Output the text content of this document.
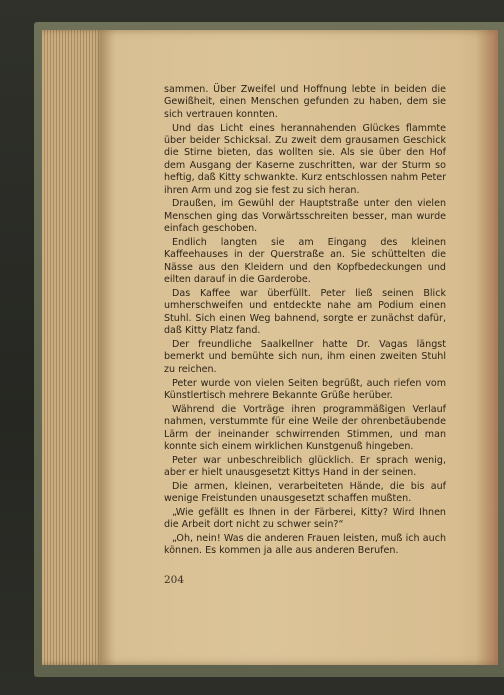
sammen. Über Zweifel und Hoffnung lebte in beiden die Gewißheit, einen Menschen gefunden zu haben, dem sie sich vertrauen konnten.

Und das Licht eines herannahenden Glückes flammte über beider Schicksal. Zu zweit dem grausamen Geschick die Stirne bieten, das wollten sie. Als sie über den Hof dem Ausgang der Kaserne zuschritten, war der Sturm so heftig, daß Kitty schwankte. Kurz entschlossen nahm Peter ihren Arm und zog sie fest zu sich heran.

Draußen, im Gewühl der Hauptstraße unter den vielen Menschen ging das Vorwärtsschreiten besser, man wurde einfach geschoben.

Endlich langten sie am Eingang des kleinen Kaffeehauses in der Querstraße an. Sie schüttelten die Nässe aus den Kleidern und den Kopfbedeckungen und eilten darauf in die Garderobe.

Das Kaffee war überfüllt. Peter ließ seinen Blick umherschweifen und entdeckte nahe am Podium einen Stuhl. Sich einen Weg bahnend, sorgte er zunächst dafür, daß Kitty Platz fand.

Der freundliche Saalkellner hatte Dr. Vagas längst bemerkt und bemühte sich nun, ihm einen zweiten Stuhl zu reichen.

Peter wurde von vielen Seiten begrüßt, auch riefen vom Künstlertisch mehrere Bekannte Grüße herüber.

Während die Vorträge ihren programmäßigen Verlauf nahmen, verstummte für eine Weile der ohrenbetäubende Lärm der ineinander schwirrenden Stimmen, und man konnte sich einem wirklichen Kunstgenuß hingeben.

Peter war unbeschreiblich glücklich. Er sprach wenig, aber er hielt unausgesetzt Kittys Hand in der seinen.

Die armen, kleinen, verarbeiteten Hände, die bis auf wenige Freistunden unausgesetzt schaffen mußten.

„Wie gefällt es Ihnen in der Färberei, Kitty? Wird Ihnen die Arbeit dort nicht zu schwer sein?“

„Oh, nein! Was die anderen Frauen leisten, muß ich auch können. Es kommen ja alle aus anderen Berufen.

204
